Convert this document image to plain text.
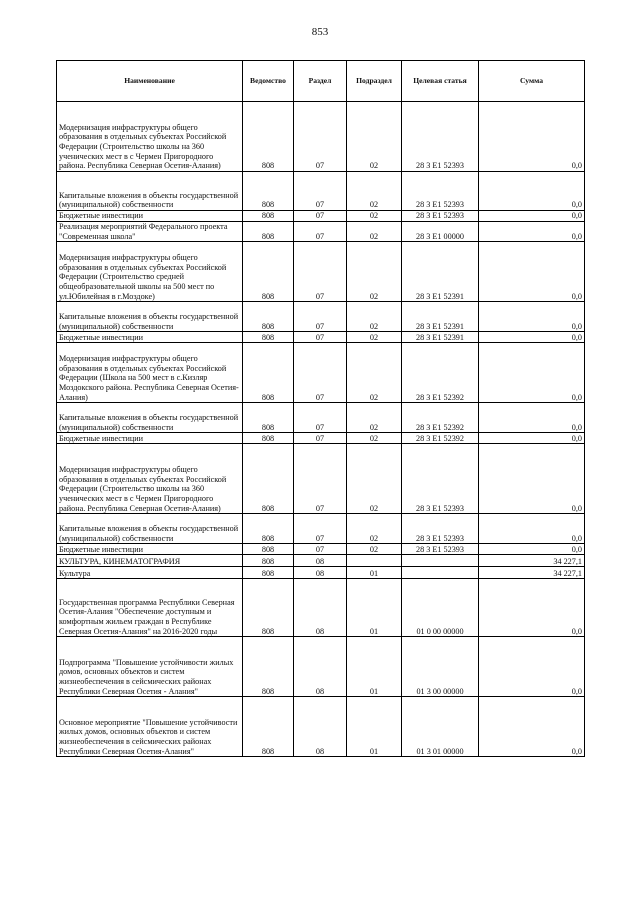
853
Наименование	Ведомство	Раздел	Подраздел	Целевая статья	Сумма
Модернизация инфраструктуры общего образования в отдельных субъектах Российской Федерации (Строительство школы на 360 ученических мест в с Чермен Пригородного района. Республика Северная Осетия-Алания)	808	07	02	28 3 E1 52393	0,0
Капитальные вложения в объекты государственной (муниципальной) собственности	808	07	02	28 3 E1 52393	0,0
Бюджетные инвестиции	808	07	02	28 3 E1 52393	0,0
Реализация мероприятий Федерального проекта "Современная школа"	808	07	02	28 3 E1 00000	0,0
Модернизация инфраструктуры общего образования в отдельных субъектах Российской Федерации (Строительство средней общеобразовательной школы на 500 мест по ул.Юбилейная в г.Моздоке)	808	07	02	28 3 E1 52391	0,0
Капитальные вложения в объекты государственной (муниципальной) собственности	808	07	02	28 3 E1 52391	0,0
Бюджетные инвестиции	808	07	02	28 3 E1 52391	0,0
Модернизация инфраструктуры общего образования в отдельных субъектах Российской Федерации (Школа на 500 мест в с.Кизляр Моздокского района. Республика Северная Осетия-Алания)	808	07	02	28 3 E1 52392	0,0
Капитальные вложения в объекты государственной (муниципальной) собственности	808	07	02	28 3 E1 52392	0,0
Бюджетные инвестиции	808	07	02	28 3 E1 52392	0,0
Модернизация инфраструктуры общего образования в отдельных субъектах Российской Федерации (Строительство школы на 360 ученических мест в с Чермен Пригородного района. Республика Северная Осетия-Алания)	808	07	02	28 3 E1 52393	0,0
Капитальные вложения в объекты государственной (муниципальной) собственности	808	07	02	28 3 E1 52393	0,0
Бюджетные инвестиции	808	07	02	28 3 E1 52393	0,0
КУЛЬТУРА, КИНЕМАТОГРАФИЯ	808	08			34 227,1
Культура	808	08	01		34 227,1
Государственная программа Республики Северная Осетия-Алания "Обеспечение доступным и комфортным жильем граждан в Республике Северная Осетия-Алания" на 2016-2020 годы	808	08	01	01 0 00 00000	0,0
Подпрограмма "Повышение устойчивости жилых домов, основных объектов и систем жизнеобеспечения в сейсмических районах Республики Северная Осетия - Алания"	808	08	01	01 3 00 00000	0,0
Основное мероприятие "Повышение устойчивости жилых домов, основных объектов и систем жизнеобеспечения в сейсмических районах Республики Северная Осетия-Алания"	808	08	01	01 3 01 00000	0,0
